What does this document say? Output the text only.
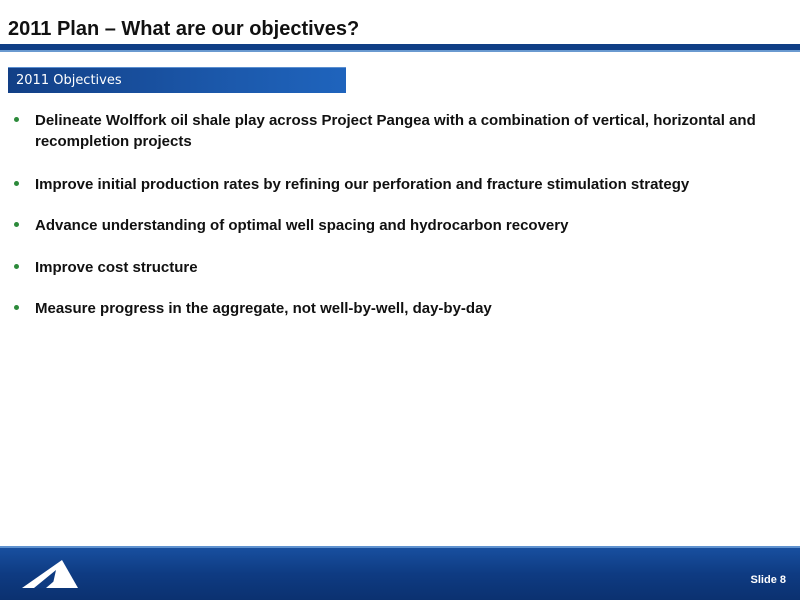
2011 Plan – What are our objectives?
2011 Objectives
Delineate Wolffork oil shale play across Project Pangea with a combination of vertical, horizontal and recompletion projects
Improve initial production rates by refining our perforation and fracture stimulation strategy
Advance understanding of optimal well spacing and hydrocarbon recovery
Improve cost structure
Measure progress in the aggregate, not well-by-well, day-by-day
Slide 8
